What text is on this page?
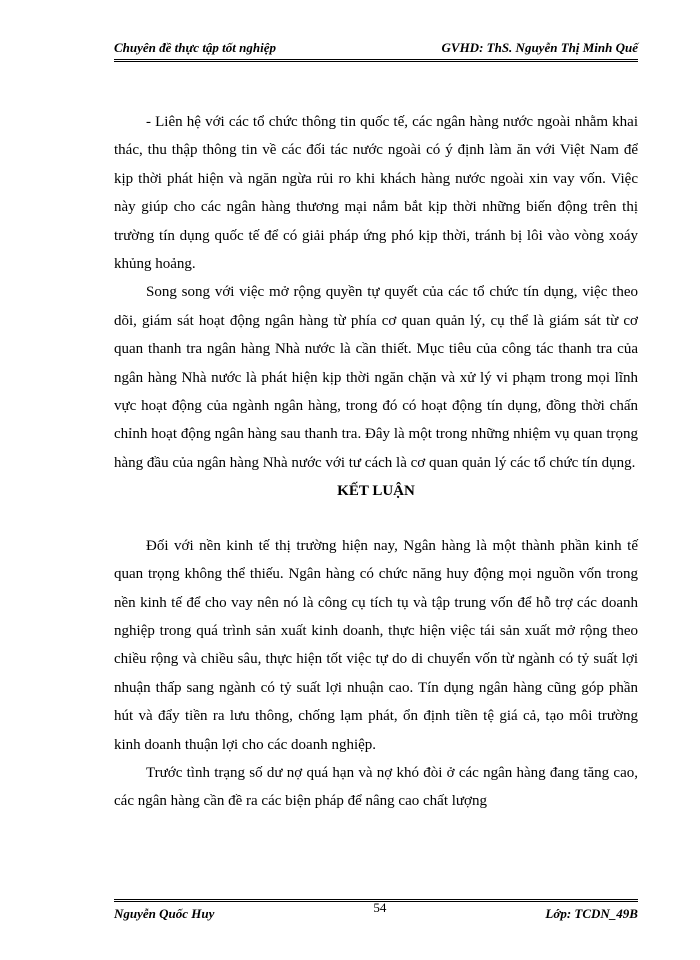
Chuyên đề thực tập tốt nghiệp	GVHD: ThS. Nguyễn Thị Minh Quế

- Liên hệ với các tổ chức thông tin quốc tế, các ngân hàng nước ngoài nhằm khai thác, thu thập thông tin về các đối tác nước ngoài có ý định làm ăn với Việt Nam để kịp thời phát hiện và ngăn ngừa rủi ro khi khách hàng nước ngoài xin vay vốn. Việc này giúp cho các ngân hàng thương mại nắm bắt kịp thời những biến động trên thị trường tín dụng quốc tế để có giải pháp ứng phó kịp thời, tránh bị lôi vào vòng xoáy khủng hoảng.

Song song với việc mở rộng quyền tự quyết của các tổ chức tín dụng, việc theo dõi, giám sát hoạt động ngân hàng từ phía cơ quan quản lý, cụ thể là giám sát từ cơ quan thanh tra ngân hàng Nhà nước là cần thiết. Mục tiêu của công tác thanh tra của ngân hàng Nhà nước là phát hiện kịp thời ngăn chặn và xử lý vi phạm trong mọi lĩnh vực hoạt động của ngành ngân hàng, trong đó có hoạt động tín dụng, đồng thời chấn chỉnh hoạt động ngân hàng sau thanh tra. Đây là một trong những nhiệm vụ quan trọng hàng đầu của ngân hàng Nhà nước với tư cách là cơ quan quản lý các tổ chức tín dụng.

KẾT LUẬN

Đối với nền kinh tế thị trường hiện nay, Ngân hàng là một thành phần kinh tế quan trọng không thể thiếu. Ngân hàng có chức năng huy động mọi nguồn vốn trong nền kinh tế để cho vay nên nó là công cụ tích tụ và tập trung vốn để hỗ trợ các doanh nghiệp trong quá trình sản xuất kinh doanh, thực hiện việc tái sản xuất mở rộng theo chiều rộng và chiều sâu, thực hiện tốt việc tự do di chuyển vốn từ ngành có tỷ suất lợi nhuận thấp sang ngành có tỷ suất lợi nhuận cao. Tín dụng ngân hàng cũng góp phần hút và đẩy tiền ra lưu thông, chống lạm phát, ổn định tiền tệ giá cả, tạo môi trường kinh doanh thuận lợi cho các doanh nghiệp.

Trước tình trạng số dư nợ quá hạn và nợ khó đòi ở các ngân hàng đang tăng cao, các ngân hàng cần đề ra các biện pháp để nâng cao chất lượng

Nguyễn Quốc Huy	54	Lớp: TCDN_49B
